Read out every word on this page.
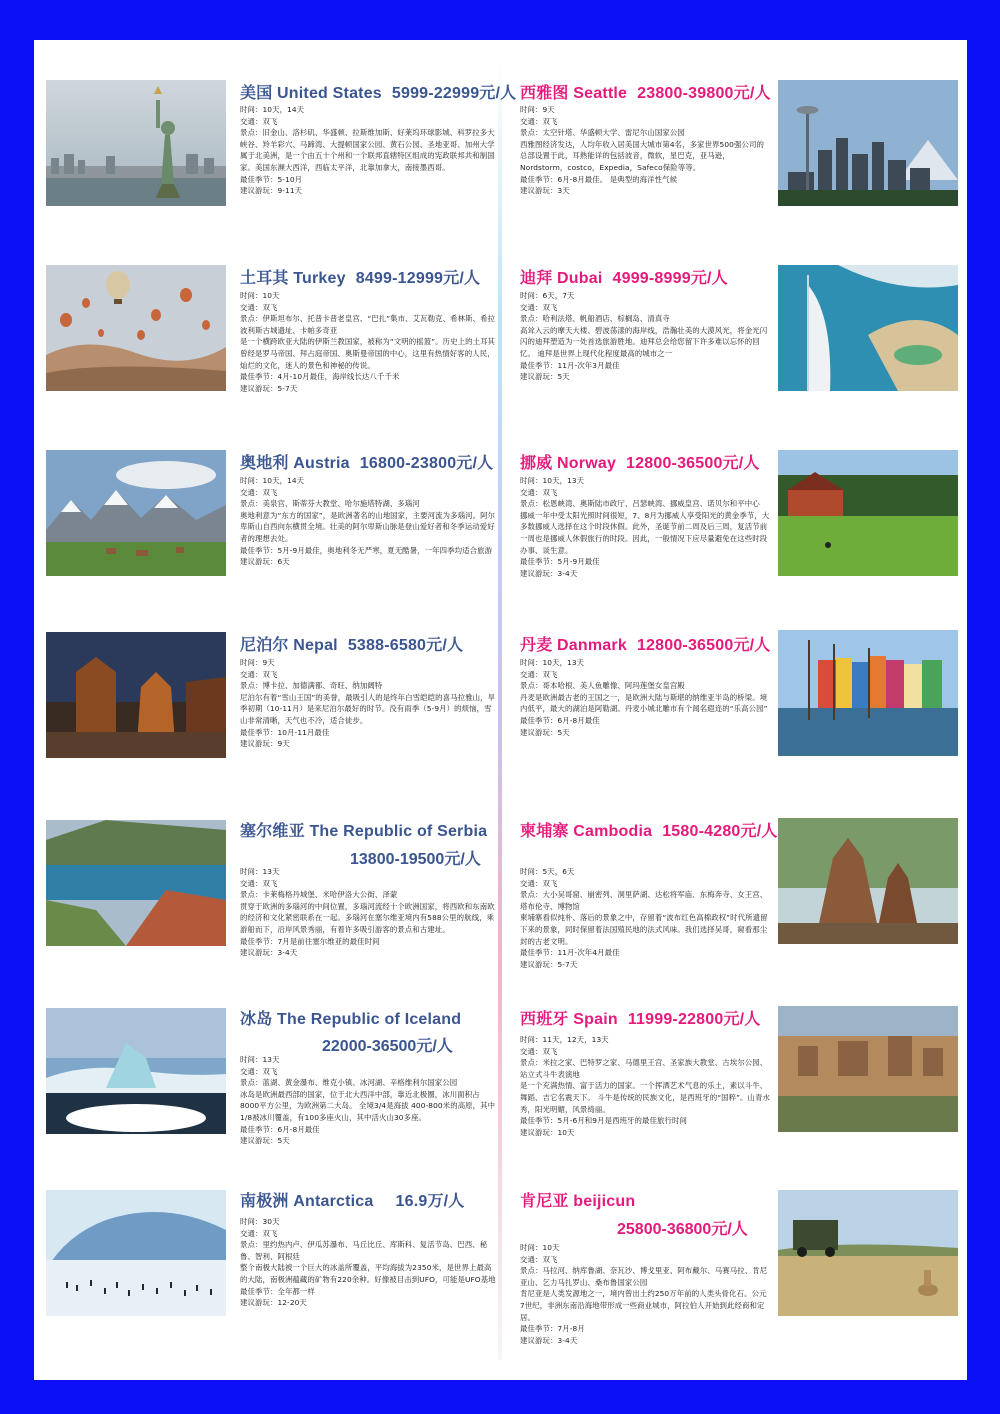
美国 United States 5999-22999元/人
时间：10天，14天
交通：双飞
景点：旧金山、洛杉矶、华盛顿、拉斯维加斯、好莱坞环球影城、科罗拉多大峡谷、羚羊彩穴、马蹄湾、大提顿国家公园、黄石公园、圣地亚哥、加州大学
属于北美洲，是一个由五十个州和一个联邦直辖特区组成的宪政联邦共和制国家。美国东濒大西洋，西临太平洋，北靠加拿大，南接墨西哥。
最佳季节：5-10月
建议游玩：9-11天
西雅图 Seattle 23800-39800元/人
时间：9天
交通：双飞
景点：太空针塔、华盛顿大学、雷尼尔山国家公园
西雅图经济发达，人均年收入居美国大城市第4名，多家世界500强公司的总部设置于此，耳熟能详的包括波音，微软，星巴克，亚马逊，Nordstorm，costco，Expedia，Safeco保险等等。
最佳季节：6月-8月最佳。 是典型的海洋性气候
建议游玩：3天
土耳其 Turkey 8499-12999元/人
时间：10天
交通：双飞
景点：伊斯坦布尔、托普卡普老皇宫、“巴扎”集市、艾瓦勒克、希林斯、希拉波利斯古城遗址、卡帕多奇亚
是一个横跨欧亚大陆的伊斯兰教国家，被称为“文明的摇篮”。历史上的土耳其曾经是罗马帝国、拜占庭帝国、奥斯曼帝国的中心，这里有热情好客的人民，灿烂的文化，迷人的景色和神秘的传说。
最佳季节：4月-10月最佳，海岸线长达八千千米
建议游玩：5-7天
迪拜 Dubai 4999-8999元/人
时间：6天，7天
交通：双飞
景点：哈利法塔、帆船酒店、棕榈岛、清真寺
高耸入云的摩天大楼、碧波荡漾的海岸线，浩瀚壮美的大漠风光，将金光闪闪的迪拜塑造为一处首选旅游胜地。迪拜总会给您留下许多难以忘怀的回忆。 迪拜是世界上现代化程度最高的城市之一
最佳季节：11月-次年3月最佳
建议游玩：5天
奥地利 Austria 16800-23800元/人
时间：10天，14天
交通：双飞
景点：美泉宫、斯蒂芬大教堂、哈尔施塔特湖、多瑙河
奥地利意为“东方的国家”，是欧洲著名的山地国家，主要河流为多瑙河。阿尔卑斯山自西向东横贯全境。壮美的阿尔卑斯山脉是登山爱好者和冬季运动爱好者的理想去处。
最佳季节：5月-9月最佳，奥地利冬无严寒，夏无酷暑，一年四季均适合旅游
建议游玩：6天
挪威 Norway 12800-36500元/人
时间：10天，13天
交通：双飞
景点：松恩峡湾、奥斯陆市政厅、吕瑟峡湾、挪威皇宫、诺贝尔和平中心
挪威一年中受太阳光照时间很短，7、8月为挪威人享受阳光的黄金季节，大多数挪威人选择在这个时段休假。此外，圣诞节前二周及后三周，复活节前一周也是挪威人休假旅行的时段。因此，一般情况下应尽量避免在这些时段办事、谈生意。
最佳季节：5月-9月最佳
建议游玩：3-4天
尼泊尔 Nepal 5388-6580元/人
时间：9天
交通：双飞
景点：博卡拉、加德满都、奇旺、纳加阔特
尼泊尔有着“雪山王国”的美誉，最吸引人的是终年白雪皑皑的喜马拉雅山，旱季初期（10-11月）是来尼泊尔最好的时节。没有雨季（5-9月）的烦恼，雪山非常清晰，天气也不冷，适合徒步。
最佳季节：10月-11月最佳
建议游玩：9天
丹麦 Danmark 12800-36500元/人
时间：10天，13天
交通：双飞
景点：哥本哈根、美人鱼雕像、阿玛莲堡女皇宫殿
丹麦是欧洲最古老的王国之一，是欧洲大陆与斯堪的纳维亚半岛的桥梁。境内低平，最大的湖泊是阿勒湖。丹麦小城北雕市有个闻名遐迩的“乐高公园”
最佳季节：6月-8月最佳
建议游玩：5天
塞尔维亚 The Republic of Serbia
13800-19500元/人
时间：13天
交通：双飞
景点：卡莱梅格丹城堡、米哈伊洛大公街、泽蒙
贯穿于欧洲的多瑙河的中间位置，多瑙河流经十个欧洲国家，将西欧和东南欧的经济和文化紧密联系在一起。多瑙河在塞尔维亚境内有588公里的航线，乘游船而下，沿岸风景秀丽，有着许多吸引游客的景点和古建址。
最佳季节：7月是前往塞尔维亚的最佳时间
建议游玩：3-4天
柬埔寨 Cambodia 1580-4280元/人
时间：5天，6天
交通：双飞
景点：大小吴哥窟、崩密列、洞里萨湖、达松将军庙、东梅奔寺、女王宫、塔布伦寺、博物馆
柬埔寨看似纯朴、落后的景象之中，存留着“波布红色高棉政权”时代所遗留下来的景象，同时保留着法国殖民地的法式风味。我们选择吴哥，窥看那尘封的古老文明。
最佳季节：11月-次年4月最佳
建议游玩：5-7天
冰岛 The Republic of Iceland
22000-36500元/人
时间：13天
交通：双飞
景点：蓝湖、黄金瀑布、维克小镇、冰河湖、辛格维利尔国家公园
冰岛是欧洲最西部的国家，位于北大西洋中部，靠近北极圈，冰川面积占8000平方公里，为欧洲第二大岛。 全境3/4是海拔 400-800米的高原，其中1/8被冰川覆盖，有100多座火山，其中活火山30多座。
最佳季节：6月-8月最佳
建议游玩：5天
西班牙 Spain 11999-22800元/人
时间：11天，12天，13天
交通：双飞
景点：米拉之家、巴特罗之家、马德里王宫、圣家族大教堂、古埃尔公园、站立式斗牛表演地
是一个充满热情、富于活力的国家。一个挥洒艺术气息的乐土，素以斗牛、舞蹈、吉它名震天下。 斗牛是传统的民族文化，是西班牙的“国粹”。山青水秀，阳光明媚，风景绮丽。
最佳季节：5月-6月和9月是西班牙的最佳旅行时间
建议游玩：10天
南极洲 Antarctica 16.9万/人
时间：30天
交通：双飞
景点：里约热内卢、伊瓜苏瀑布、马丘比丘、库斯科、复活节岛、巴西、秘鲁、智利、阿根廷
整个南极大陆被一个巨大的冰盖所覆盖，平均海拔为2350米，是世界上最高的大陆，南极洲蕴藏的矿物有220余种。好像被目击到UFO，可能是UFO基地
最佳季节：全年都一样
建议游玩：12-20天
肯尼亚 beijicun
25800-36800元/人
时间：10天
交通：双飞
景点：马拉河、纳库鲁湖、奈瓦沙、博戈里亚、阿布戴尔、马赛马拉、肯尼亚山、乞力马扎罗山、桑布鲁国家公园
肯尼亚是人类发源地之一，境内曾出土约250万年前的人类头骨化石。公元7世纪，非洲东南沿海地带形成一些商业城市，阿拉伯人开始到此经商和定居。
最佳季节：7月-8月
建议游玩：3-4天
